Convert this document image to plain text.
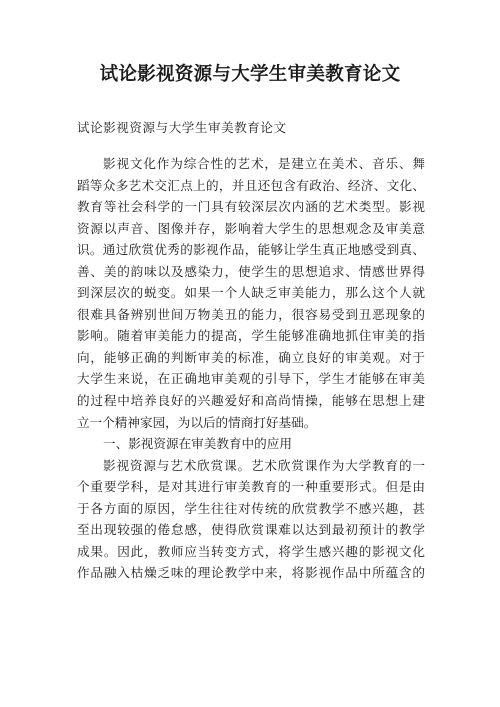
试论影视资源与大学生审美教育论文
试论影视资源与大学生审美教育论文
影视文化作为综合性的艺术，是建立在美术、音乐、舞
蹈等众多艺术交汇点上的，并且还包含有政治、经济、文化、
教育等社会科学的一门具有较深层次内涵的艺术类型。影视
资源以声音、图像并存，影响着大学生的思想观念及审美意
识。通过欣赏优秀的影视作品，能够让学生真正地感受到真、
善、美的韵味以及感染力，使学生的思想追求、情感世界得
到深层次的蜕变。如果一个人缺乏审美能力，那么这个人就
很难具备辨别世间万物美丑的能力，很容易受到丑恶现象的
影响。随着审美能力的提高，学生能够准确地抓住审美的指
向，能够正确的判断审美的标准，确立良好的审美观。对于
大学生来说，在正确地审美观的引导下，学生才能够在审美
的过程中培养良好的兴趣爱好和高尚情操，能够在思想上建
立一个精神家园，为以后的情商打好基础。
一、影视资源在审美教育中的应用
影视资源与艺术欣赏课。艺术欣赏课作为大学教育的一
个重要学科，是对其进行审美教育的一种重要形式。但是由
于各方面的原因，学生往往对传统的欣赏教学不感兴趣，甚
至出现较强的倦怠感，使得欣赏课难以达到最初预计的教学
成果。因此，教师应当转变方式，将学生感兴趣的影视文化
作品融入枯燥乏味的理论教学中来，将影视作品中所蕴含的
